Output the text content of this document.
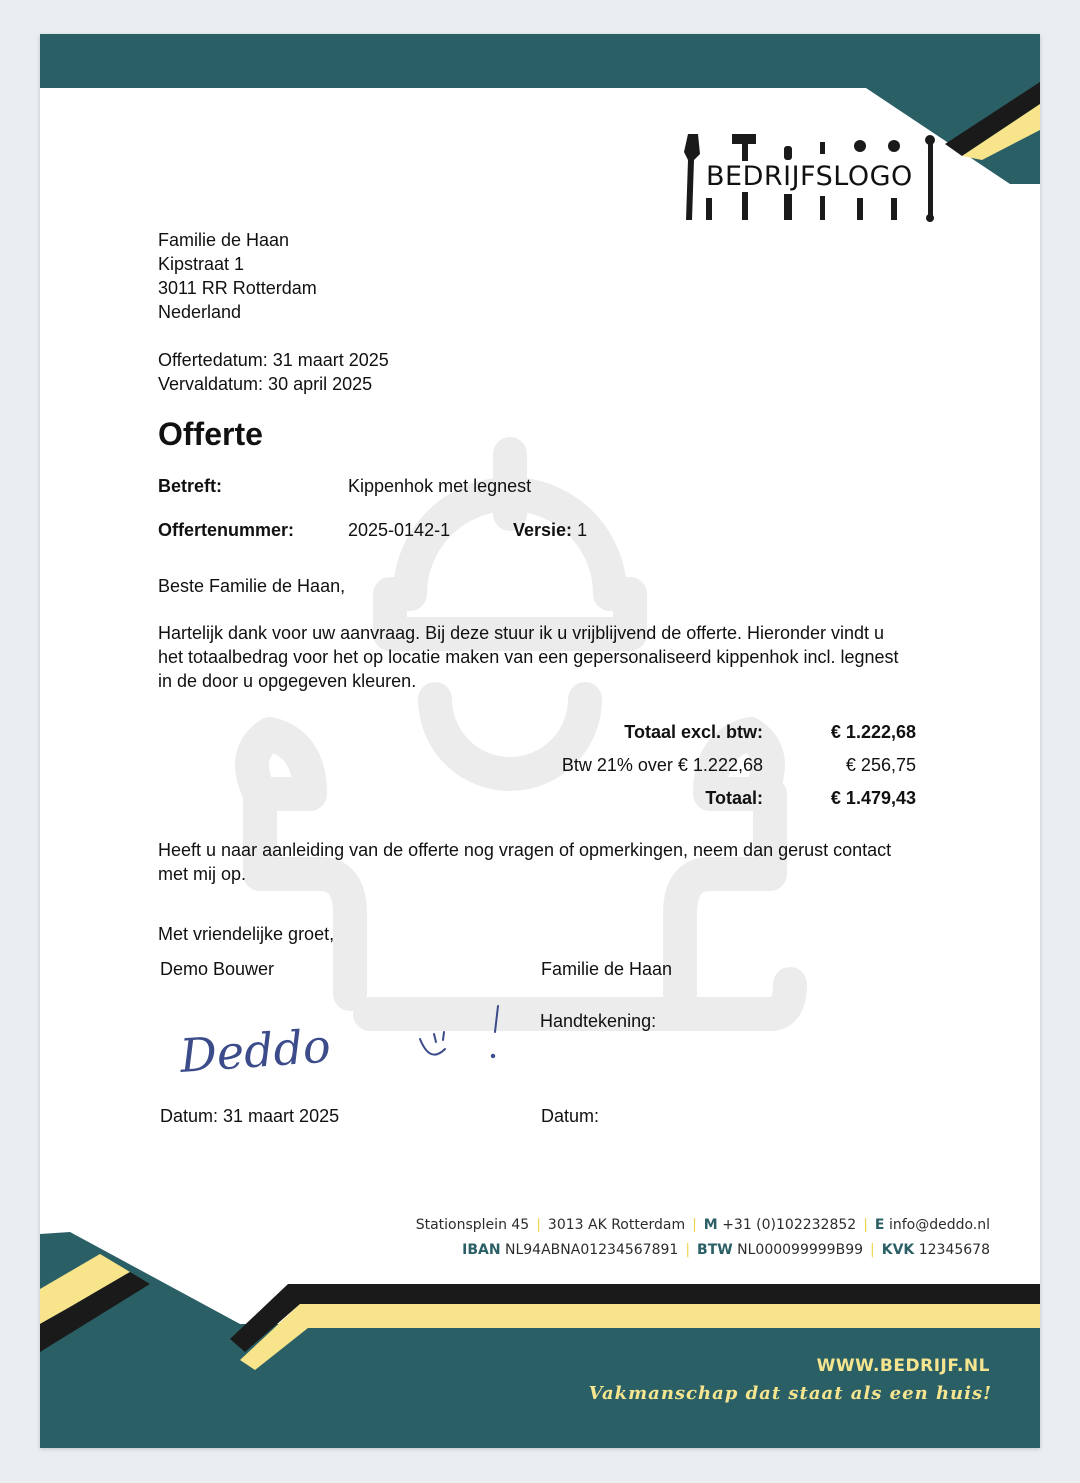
BEDRIJFSLOGO
Familie de Haan
Kipstraat 1
3011 RR Rotterdam
Nederland
Offertedatum: 31 maart 2025
Vervaldatum: 30 april 2025
Offerte
Betreft:	Kippenhok met legnest
Offertenummer:	2025-0142-1	Versie: 1
Beste Familie de Haan,
Hartelijk dank voor uw aanvraag. Bij deze stuur ik u vrijblijvend de offerte. Hieronder vindt u
het totaalbedrag voor het op locatie maken van een gepersonaliseerd kippenhok incl. legnest
in de door u opgegeven kleuren.
Totaal excl. btw:	€ 1.222,68
Btw 21% over € 1.222,68	€ 256,75
Totaal:	€ 1.479,43
Heeft u naar aanleiding van de offerte nog vragen of opmerkingen, neem dan gerust contact
met mij op.
Met vriendelijke groet,
Demo Bouwer	Familie de Haan
Handtekening:
Deddo
Datum: 31 maart 2025	Datum:
Stationsplein 45 | 3013 AK Rotterdam | M +31 (0)102232852 | E info@deddo.nl
IBAN NL94ABNA01234567891 | BTW NL000099999B99 | KVK 12345678
WWW.BEDRIJF.NL
Vakmanschap dat staat als een huis!
